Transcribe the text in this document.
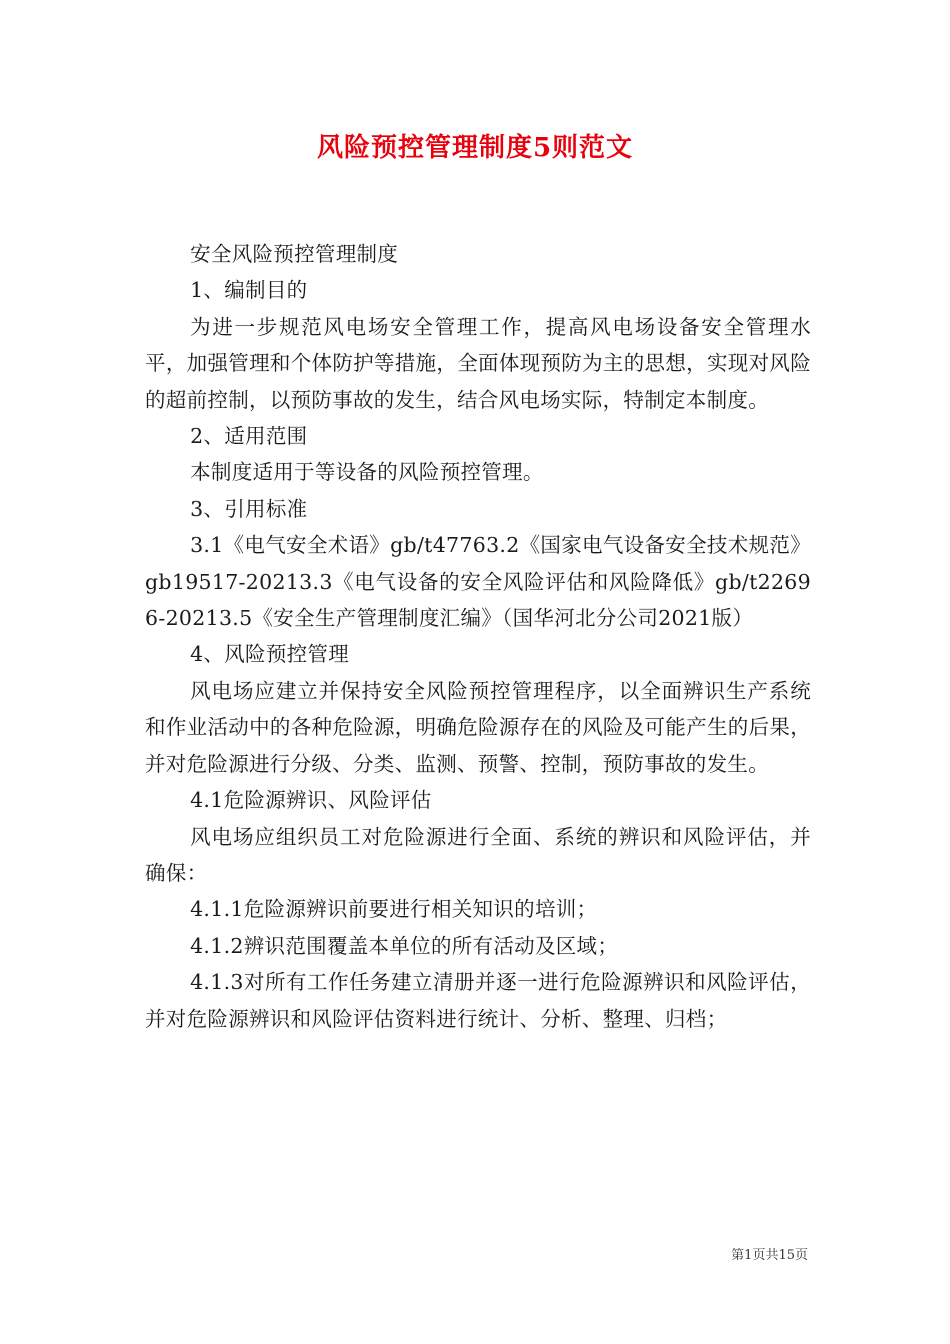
风险预控管理制度5则范文

安全风险预控管理制度

1、编制目的

为进一步规范风电场安全管理工作，提高风电场设备安全管理水平，加强管理和个体防护等措施，全面体现预防为主的思想，实现对风险的超前控制，以预防事故的发生，结合风电场实际，特制定本制度。

2、适用范围

本制度适用于等设备的风险预控管理。

3、引用标准

3.1《电气安全术语》gb/t47763.2《国家电气设备安全技术规范》gb19517-20213.3《电气设备的安全风险评估和风险降低》gb/t22696-20213.5《安全生产管理制度汇编》（国华河北分公司2021版）

4、风险预控管理

风电场应建立并保持安全风险预控管理程序，以全面辨识生产系统和作业活动中的各种危险源，明确危险源存在的风险及可能产生的后果，并对危险源进行分级、分类、监测、预警、控制，预防事故的发生。

4.1危险源辨识、风险评估

风电场应组织员工对危险源进行全面、系统的辨识和风险评估，并确保：

4.1.1危险源辨识前要进行相关知识的培训；

4.1.2辨识范围覆盖本单位的所有活动及区域；

4.1.3对所有工作任务建立清册并逐一进行危险源辨识和风险评估，并对危险源辨识和风险评估资料进行统计、分析、整理、归档；

第1页共15页
